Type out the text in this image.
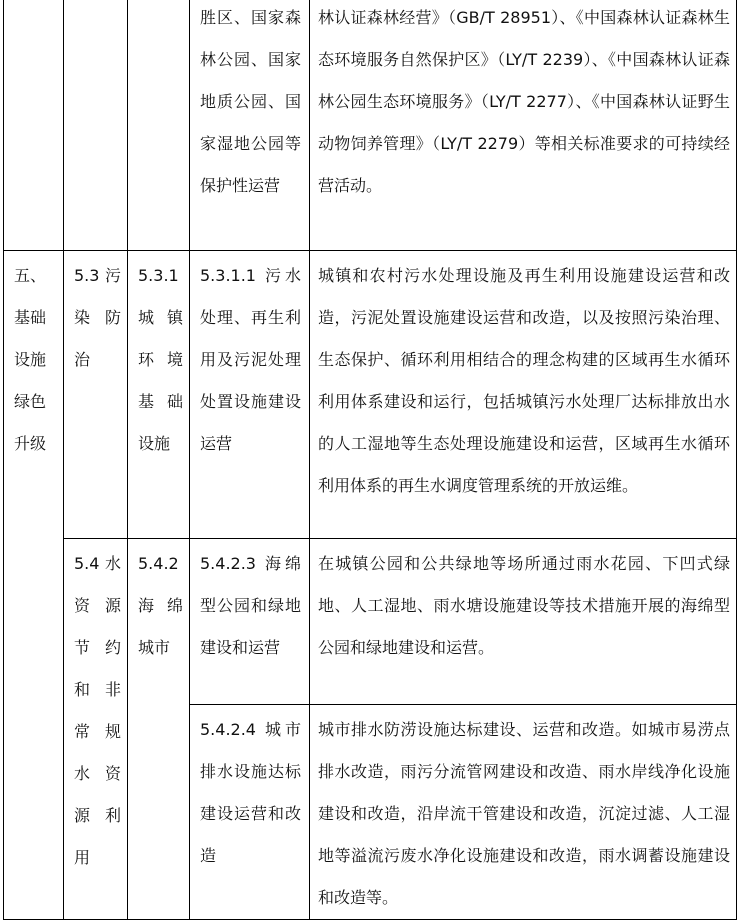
			胜区、国家森林公园、国家地质公园、国家湿地公园等保护性运营	林认证森林经营》（GB/T 28951）、《中国森林认证森林生态环境服务自然保护区》（LY/T 2239）、《中国森林认证森林公园生态环境服务》（LY/T 2277）、《中国森林认证野生动物饲养管理》（LY/T 2279）等相关标准要求的可持续经营活动。

五、基础设施绿色升级	5.3 污染防治	5.3.1 城镇环境基础设施	5.3.1.1 污水处理、再生利用及污泥处理处置设施建设运营	城镇和农村污水处理设施及再生利用设施建设运营和改造，污泥处置设施建设运营和改造，以及按照污染治理、生态保护、循环利用相结合的理念构建的区域再生水循环利用体系建设和运行，包括城镇污水处理厂达标排放出水的人工湿地等生态处理设施建设和运营，区域再生水循环利用体系的再生水调度管理系统的开放运维。

	5.4 水资源节约和非常规水资源利用	5.4.2 海绵城市	5.4.2.3 海绵型公园和绿地建设和运营	在城镇公园和公共绿地等场所通过雨水花园、下凹式绿地、人工湿地、雨水塘设施建设等技术措施开展的海绵型公园和绿地建设和运营。

			5.4.2.4 城市排水设施达标建设运营和改造	城市排水防涝设施达标建设、运营和改造。如城市易涝点排水改造，雨污分流管网建设和改造、雨水岸线净化设施建设和改造，沿岸流干管建设和改造，沉淀过滤、人工湿地等溢流污废水净化设施建设和改造，雨水调蓄设施建设和改造等。
